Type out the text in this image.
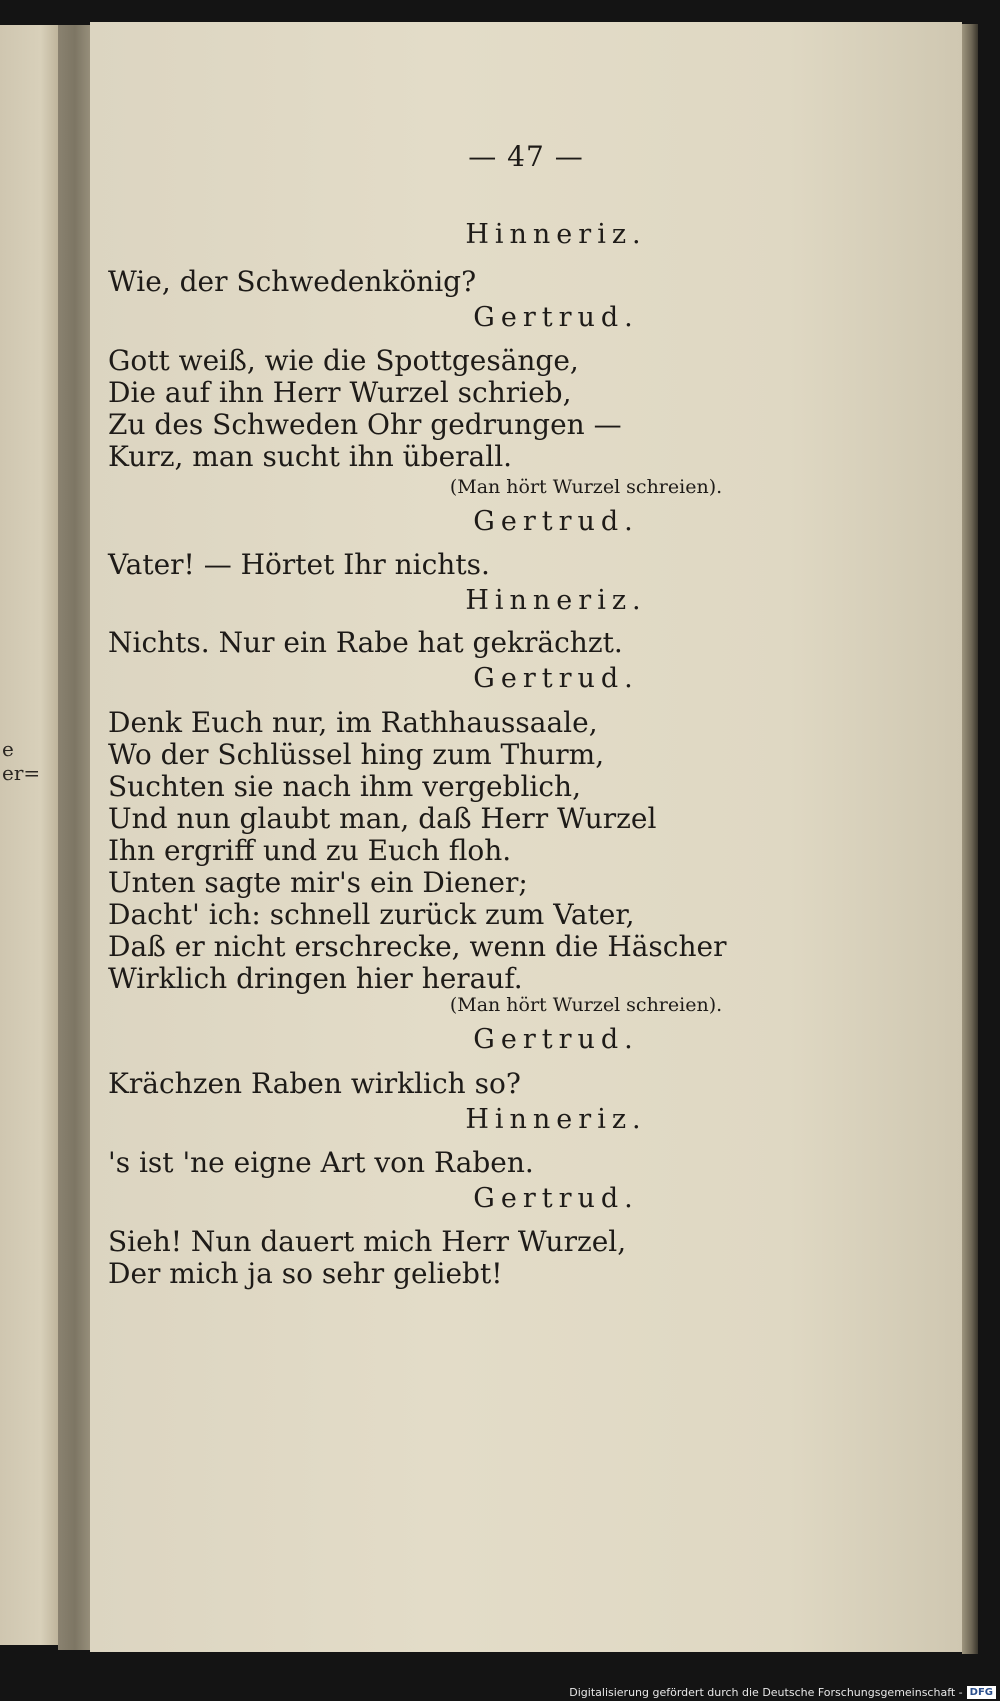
e er=
— 47 —
Hinneriz.
Wie, der Schwedenkönig?
Gertrud.
Gott weiß, wie die Spottgesänge,
Die auf ihn Herr Wurzel schrieb,
Zu des Schweden Ohr gedrungen —
Kurz, man sucht ihn überall.
(Man hört Wurzel schreien).
Gertrud.
Vater! — Hörtet Ihr nichts.
Hinneriz.
Nichts. Nur ein Rabe hat gekrächzt.
Gertrud.
Denk Euch nur, im Rathhaussaale,
Wo der Schlüssel hing zum Thurm,
Suchten sie nach ihm vergeblich,
Und nun glaubt man, daß Herr Wurzel
Ihn ergriff und zu Euch floh.
Unten sagte mir's ein Diener;
Dacht' ich: schnell zurück zum Vater,
Daß er nicht erschrecke, wenn die Häscher
Wirklich dringen hier herauf.
(Man hört Wurzel schreien).
Gertrud.
Krächzen Raben wirklich so?
Hinneriz.
's ist 'ne eigne Art von Raben.
Gertrud.
Sieh! Nun dauert mich Herr Wurzel,
Der mich ja so sehr geliebt!
Digitalisierung gefördert durch die Deutsche Forschungsgemeinschaft - DFG
